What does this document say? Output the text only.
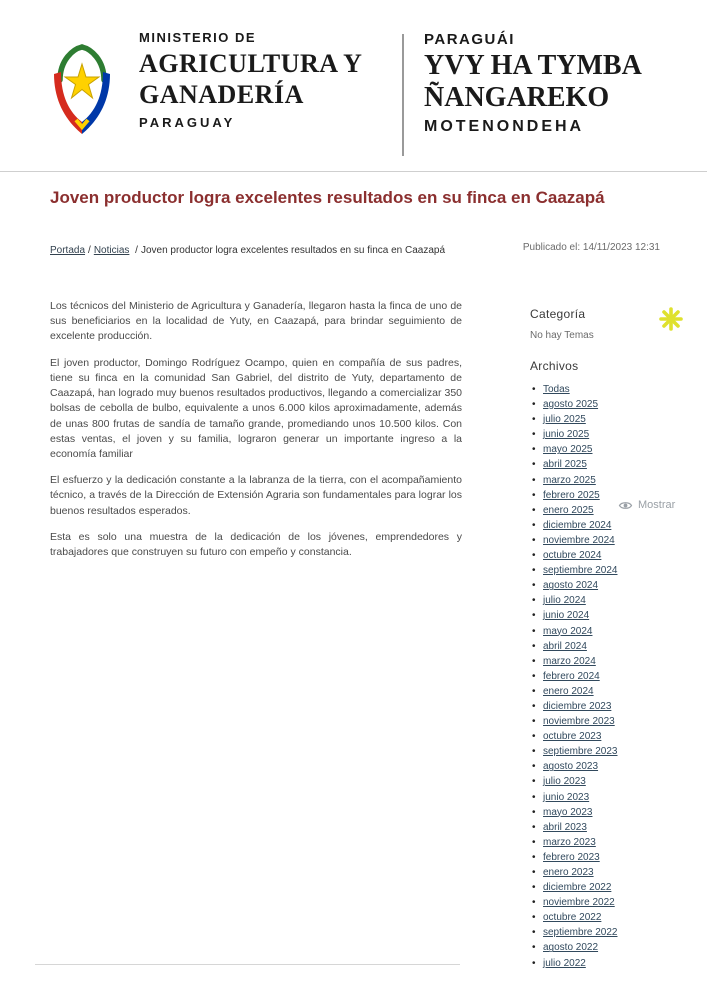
MINISTERIO DE
AGRICULTURA Y
GANADERÍA
PARAGUAY
PARAGUÁI
YVY HA TYMBA
ÑANGAREKO
MOTENONDEHA
Joven productor logra excelentes resultados en su finca en Caazapá
Portada / Noticias / Joven productor logra excelentes resultados en su finca en Caazapá	Publicado el: 14/11/2023 12:31

Los técnicos del Ministerio de Agricultura y Ganadería, llegaron hasta la finca de uno de sus beneficiarios en la localidad de Yuty, en Caazapá, para brindar seguimiento de excelente producción.

El joven productor, Domingo Rodríguez Ocampo, quien en compañía de sus padres, tiene su finca en la comunidad San Gabriel, del distrito de Yuty, departamento de Caazapá, han logrado muy buenos resultados productivos, llegando a comercializar 350 bolsas de cebolla de bulbo, equivalente a unos 6.000 kilos aproximadamente, además de unas 800 frutas de sandía de tamaño grande, promediando unos 10.500 kilos. Con estas ventas, el joven y su familia, lograron generar un importante ingreso a la economía familiar

El esfuerzo y la dedicación constante a la labranza de la tierra, con el acompañamiento técnico, a través de la Dirección de Extensión Agraria son fundamentales para lograr los buenos resultados esperados.

Esta es solo una muestra de la dedicación de los jóvenes, emprendedores y trabajadores que construyen su futuro con empeño y constancia.

Categoría
No hay Temas
Archivos
• Todas
• agosto 2025
• julio 2025
• junio 2025
• mayo 2025
• abril 2025
• marzo 2025
• febrero 2025
• enero 2025
• diciembre 2024
• noviembre 2024
• octubre 2024
• septiembre 2024
• agosto 2024
• julio 2024
• junio 2024
• mayo 2024
• abril 2024
• marzo 2024
• febrero 2024
• enero 2024
• diciembre 2023
• noviembre 2023
• octubre 2023
• septiembre 2023
• agosto 2023
• julio 2023
• junio 2023
• mayo 2023
• abril 2023
• marzo 2023
• febrero 2023
• enero 2023
• diciembre 2022
• noviembre 2022
• octubre 2022
• septiembre 2022
• agosto 2022
• julio 2022
Mostrar
